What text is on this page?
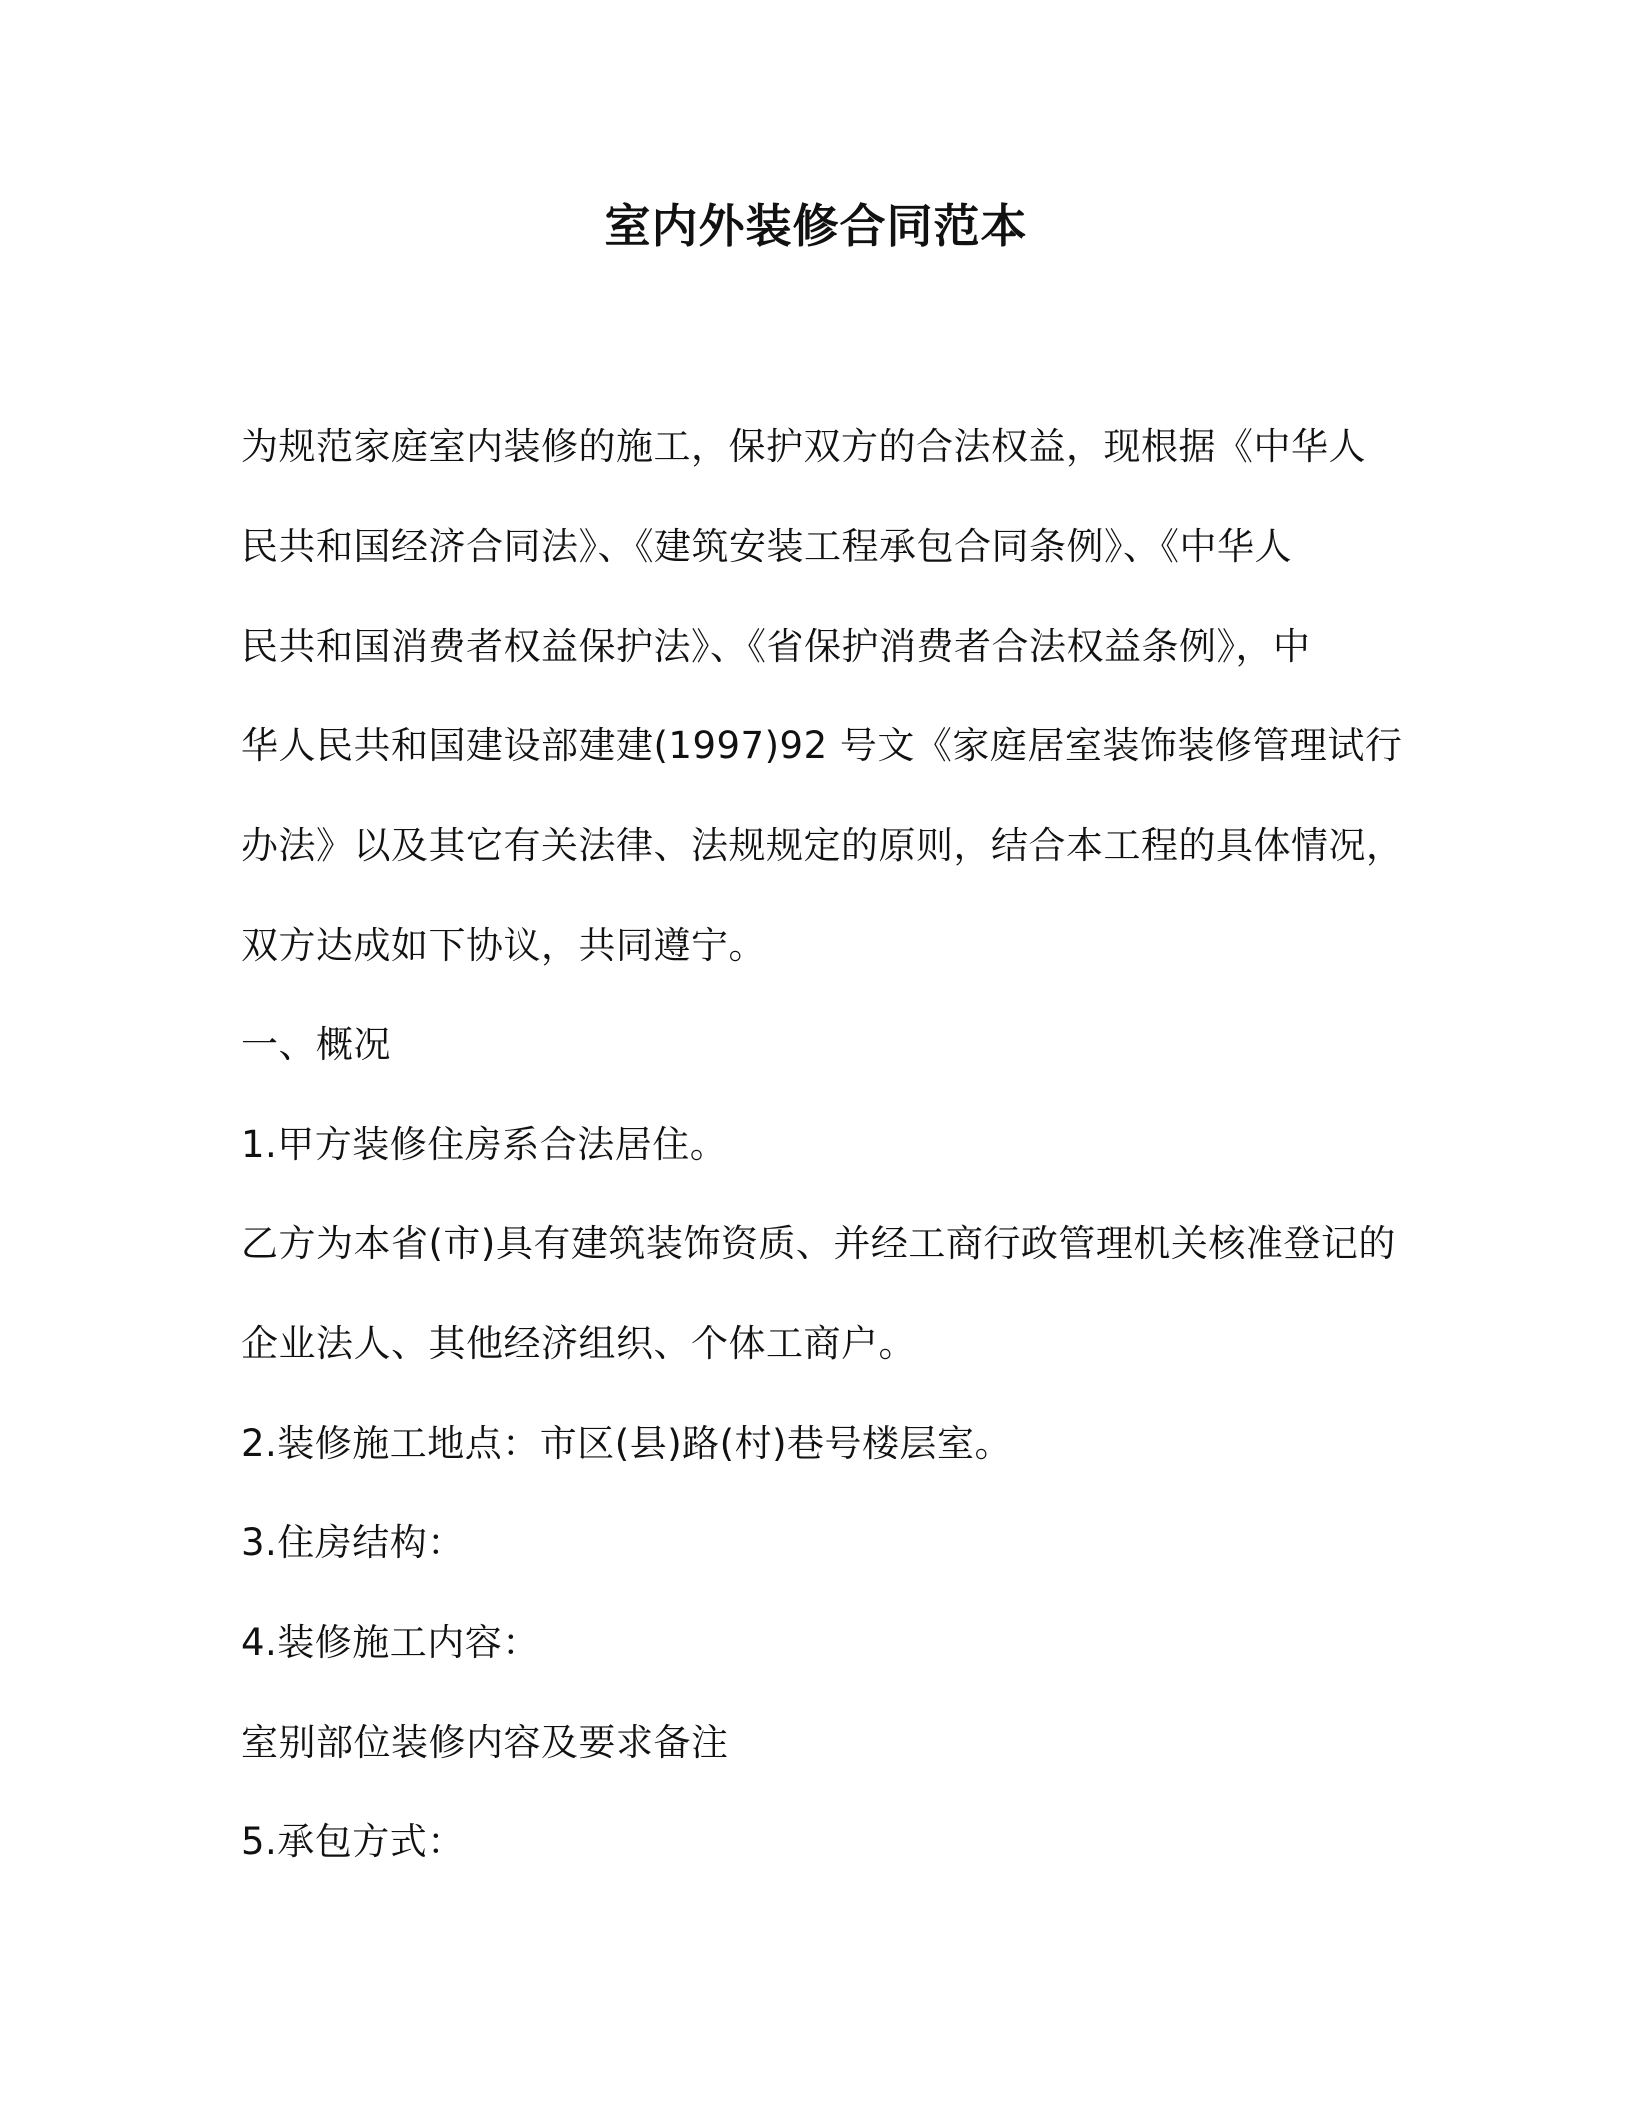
室内外装修合同范本
为规范家庭室内装修的施工，保护双方的合法权益，现根据《中华人
民共和国经济合同法》、《建筑安装工程承包合同条例》、《中华人
民共和国消费者权益保护法》、《省保护消费者合法权益条例》，中
华人民共和国建设部建建(1997)92 号文《家庭居室装饰装修管理试行
办法》以及其它有关法律、法规规定的原则，结合本工程的具体情况，
双方达成如下协议，共同遵宁。
一、概况
1.甲方装修住房系合法居住。
乙方为本省(市)具有建筑装饰资质、并经工商行政管理机关核准登记的
企业法人、其他经济组织、个体工商户。
2.装修施工地点：市区(县)路(村)巷号楼层室。
3.住房结构：
4.装修施工内容：
室别部位装修内容及要求备注
5.承包方式：
